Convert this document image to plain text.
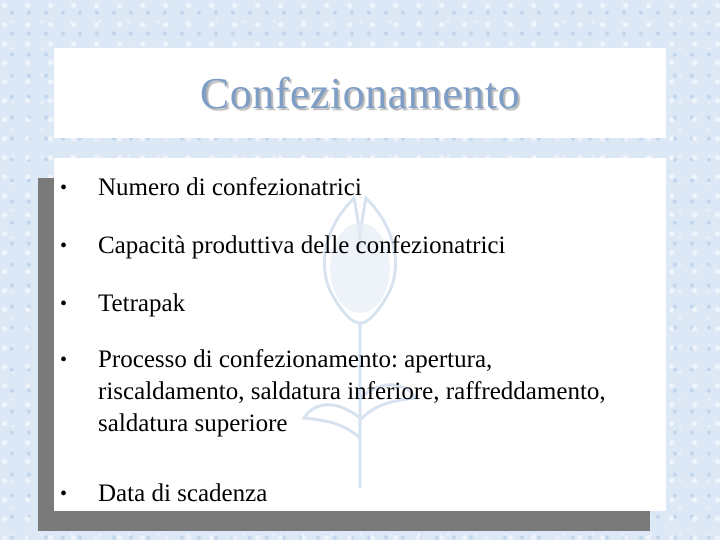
Confezionamento
• Numero di confezionatrici
• Capacità produttiva delle confezionatrici
• Tetrapak
• Processo di confezionamento: apertura, riscaldamento, saldatura inferiore, raffreddamento, saldatura superiore
• Data di scadenza
